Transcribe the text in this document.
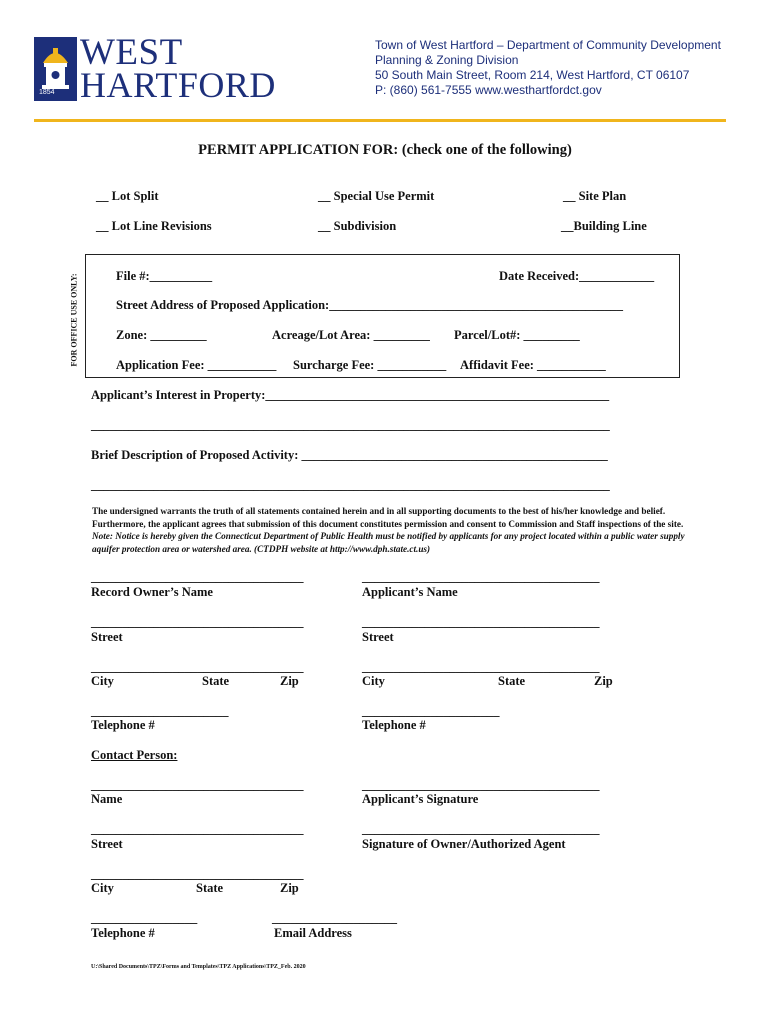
1854
WEST
HARTFORD
Town of West Hartford – Department of Community Development
Planning & Zoning Division
50 South Main Street, Room 214, West Hartford, CT 06107
P: (860) 561-7555 www.westhartfordct.gov
PERMIT APPLICATION FOR: (check one of the following)
__ Lot Split	__ Special Use Permit	__ Site Plan
__ Lot Line Revisions	__ Subdivision	__Building Line
FOR OFFICE USE ONLY:	File #:__________	Date Received:____________
Street Address of Proposed Application:_______________________________________________
Zone: _________	Acreage/Lot Area: _________ Parcel/Lot#: _________
Application Fee: ___________ Surcharge Fee: ___________ Affidavit Fee: ___________
Applicant’s Interest in Property:_______________________________________________________
___________________________________________________________________________________
Brief Description of Proposed Activity: _________________________________________________
___________________________________________________________________________________
The undersigned warrants the truth of all statements contained herein and in all supporting documents to the best of his/her knowledge and belief. Furthermore, the applicant agrees that submission of this document constitutes permission and consent to Commission and Staff inspections of the site. Note: Notice is hereby given the Connecticut Department of Public Health must be notified by applicants for any project located within a public water supply aquifer protection area or watershed area. (CTDPH website at http://www.dph.state.ct.us)
__________________________________
Record Owner’s Name
__________________________________
Street
__________________________________
City	State	Zip
______________________
Telephone #
Contact Person:
__________________________________
Name
__________________________________
Street
__________________________________
City	State	Zip
_________________
Telephone #
____________________
Email Address
______________________________________
Applicant’s Name
______________________________________
Street
______________________________________
City	State	Zip
______________________
Telephone #
______________________________________
Applicant’s Signature
______________________________________
Signature of Owner/Authorized Agent
U:\Shared Documents\TPZ\Forms and Templates\TPZ Applications\TPZ_Feb. 2020
